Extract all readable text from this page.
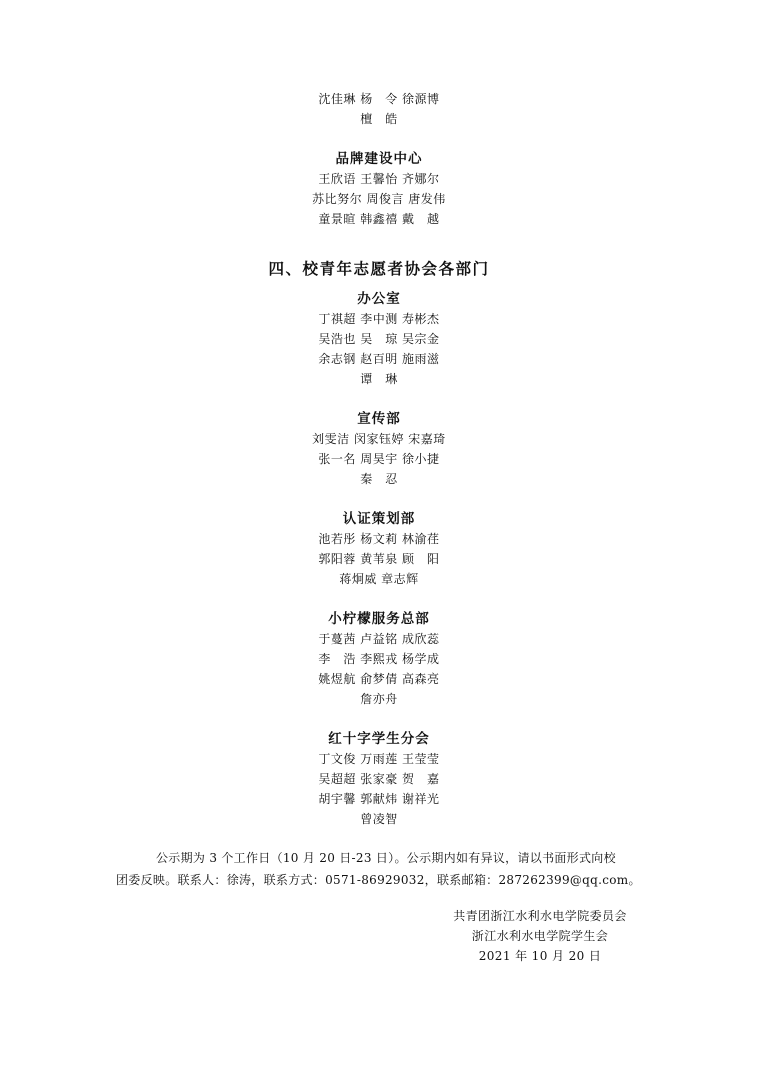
沈佳琳 杨　令 徐源博
檀　皓
品牌建设中心
王欣语 王馨怡 齐娜尔
苏比努尔 周俊言 唐发伟
童景暄 韩鑫禧 戴　越
四、校青年志愿者协会各部门
办公室
丁祺超 李中测 寿彬杰
吴浩也 吴　琼 吴宗金
余志钢 赵百明 施雨滋
谭　琳
宣传部
刘雯洁 闵家钰婷 宋嘉琦
张一名 周昊宇 徐小捷
秦　忍
认证策划部
池若彤 杨文莉 林渝荏
郭阳蓉 黄苇泉 顾　阳
蒋炯威 章志辉
小柠檬服务总部
于蔓茜 卢益铭 成欣蕊
李　浩 李熙戎 杨学成
姚煜航 俞梦倩 高森亮
詹亦舟
红十字学生分会
丁文俊 万雨莲 王莹莹
吴超超 张家豪 贺　嘉
胡宇馨 郭献炜 谢祥光
曾凌智
公示期为 3 个工作日（10 月 20 日-23 日）。公示期内如有异议，请以书面形式向校
团委反映。联系人：徐涛，联系方式：0571-86929032，联系邮箱：287262399@qq.com。
共青团浙江水利水电学院委员会
浙江水利水电学院学生会
2021 年 10 月 20 日
